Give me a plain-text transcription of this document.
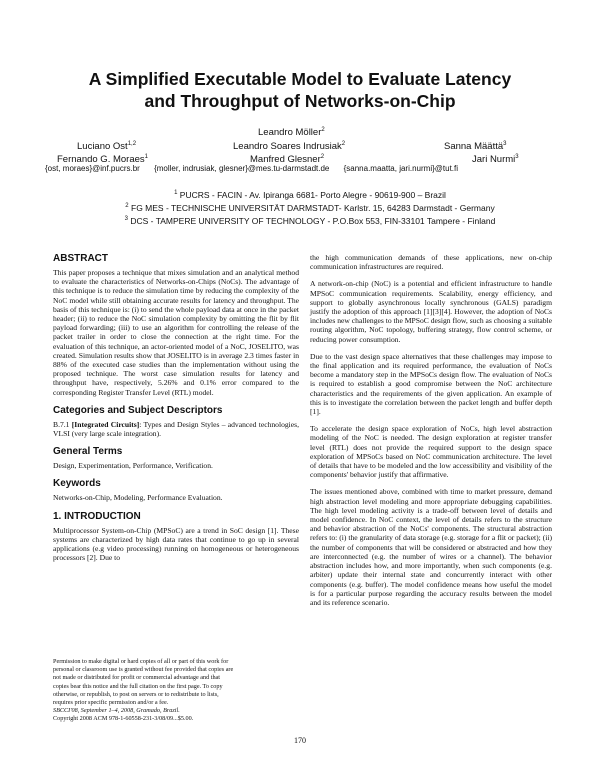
A Simplified Executable Model to Evaluate Latency
and Throughput of Networks-on-Chip
Leandro Möller$^2$
Luciano Ost$^{1,2}$	Leandro Soares Indrusiak$^2$	Sanna Määttä$^3$
Fernando G. Moraes$^1$	Manfred Glesner$^2$	Jari Nurmi$^3$
{ost, moraes}@inf.pucrs.br {moller, indrusiak, glesner}@mes.tu-darmstadt.de {sanna.maatta, jari.nurmi}@tut.fi
$^1$ PUCRS - FACIN - Av. Ipiranga 6681- Porto Alegre - 90619-900 – Brazil
$^2$ FG MES - TECHNISCHE UNIVERSITÄT DARMSTADT- Karlstr. 15, 64283 Darmstadt - Germany
$^3$ DCS - TAMPERE UNIVERSITY OF TECHNOLOGY - P.O.Box 553, FIN-33101 Tampere - Finland
ABSTRACT

This paper proposes a technique that mixes simulation and an analytical method to evaluate the characteristics of Networks-on-Chips (NoCs). The advantage of this technique is to reduce the simulation time by reducing the complexity of the NoC model while still obtaining accurate results for latency and throughput. The basis of this technique is: (i) to send the whole payload data at once in the packet header; (ii) to reduce the NoC simulation complexity by omitting the flit by flit payload forwarding; (iii) to use an algorithm for controlling the release of the packet trailer in order to close the connection at the right time. For the evaluation of this technique, an actor-oriented model of a NoC, JOSELITO, was created. Simulation results show that JOSELITO is in average 2.3 times faster in 88% of the executed case studies than the implementation without using the proposed technique. The worst case simulation results for latency and throughput have, respectively, 5.26% and 0.1% error compared to the corresponding Register Transfer Level (RTL) model.

Categories and Subject Descriptors

B.7.1 [Integrated Circuits]: Types and Design Styles – advanced technologies, VLSI (very large scale integration).

General Terms

Design, Experimentation, Performance, Verification.

Keywords

Networks-on-Chip, Modeling, Performance Evaluation.

1. INTRODUCTION

Multiprocessor System-on-Chip (MPSoC) are a trend in SoC design [1]. These systems are characterized by high data rates that continue to go up in several applications (e.g video processing) running on homogeneous or heterogeneous processors [2]. Due to

Permission to make digital or hard copies of all or part of this work for
personal or classroom use is granted without fee provided that copies are
not made or distributed for profit or commercial advantage and that
copies bear this notice and the full citation on the first page. To copy
otherwise, or republish, to post on servers or to redistribute to lists,
requires prior specific permission and/or a fee.
SBCCI'08, September 1–4, 2008, Gramado, Brazil.
Copyright 2008 ACM 978-1-60558-231-3/08/09...$5.00.

the high communication demands of these applications, new on-chip communication infrastructures are required.

A network-on-chip (NoC) is a potential and efficient infrastructure to handle MPSoC communication requirements. Scalability, energy efficiency, and support to globally asynchronous locally synchronous (GALS) paradigm justify the adoption of this approach [1][3][4]. However, the adoption of NoCs includes new challenges to the MPSoC design flow, such as choosing a suitable routing algorithm, NoC topology, buffering strategy, flow control scheme, or reducing power consumption.

Due to the vast design space alternatives that these challenges may impose to the final application and its required performance, the evaluation of NoCs become a mandatory step in the MPSoCs design flow. The evaluation of NoCs is required to establish a good compromise between the NoC architecture characteristics and the requirements of the given application. An example of this is to investigate the correlation between the packet length and buffer depth [1].

To accelerate the design space exploration of NoCs, high level abstraction modeling of the NoC is needed. The design exploration at register transfer level (RTL) does not provide the required support to the design space exploration of MPSoCs based on NoC communication architecture. The level of details that have to be modeled and the low accessibility and visibility of the components' behavior justify that affirmative.

The issues mentioned above, combined with time to market pressure, demand high abstraction level modeling and more appropriate debugging capabilities. The high level modeling activity is a trade-off between level of details and model confidence. In NoC context, the level of details refers to the structure and behavior abstraction of the NoCs' components. The structural abstraction refers to: (i) the granularity of data storage (e.g. storage for a flit or packet); (ii) the number of components that will be considered or abstracted and how they are interconnected (e.g. the number of wires or a channel). The behavior abstraction includes how, and more importantly, when such components (e.g. arbiter) update their internal state and concurrently interact with other components (e.g. buffer). The model confidence means how useful the model is for a particular purpose regarding the accuracy results between the model and its reference scenario.

170
